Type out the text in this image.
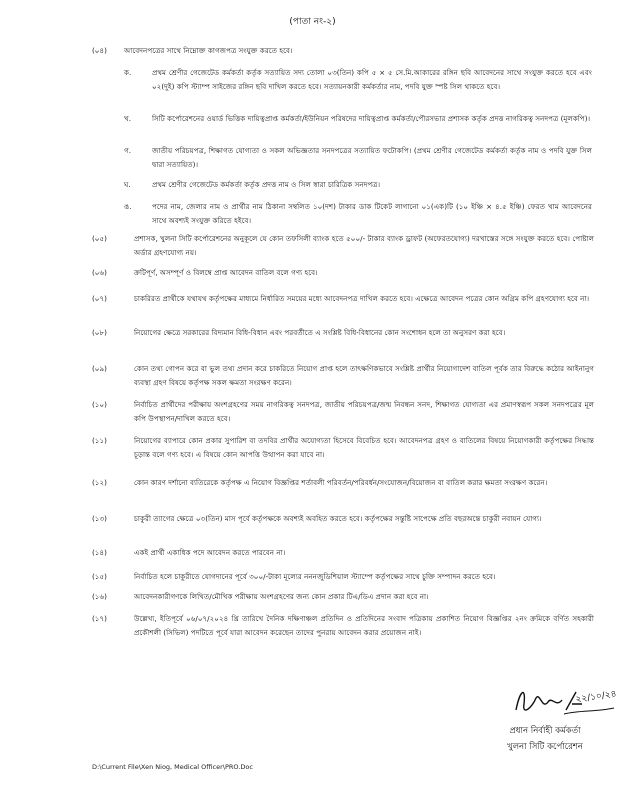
(পাতা নং-২)
(০৪)	আবেদনপত্রের সাথে নিম্নোক্ত কাগজপত্র সংযুক্ত করতে হবে।
ক.	প্রথম শ্রেণীর গেজেটেড কর্মকর্তা কর্তৃক সত্যায়িত সদ্য তোলা ০৩(তিন) কপি ৫ × ৫ সে.মি.আকারের রঙ্গিন ছবি আবেদনের সাথে সংযুক্ত করতে হবে এবং ০২(দুই) কপি স্ট্যাম্প সাইজের রঙ্গিন ছবি দাখিল করতে হবে। সত্যায়নকারী কর্মকর্তার নাম, পদবি যুক্ত স্পষ্ট সিল থাকতে হবে।
খ.	সিটি কর্পোরেশনের ওয়ার্ড ভিত্তিক দায়িত্বপ্রাপ্ত কর্মকর্তা/ইউনিয়ন পরিষদের দায়িত্বপ্রাপ্ত কর্মকর্তা/পৌরসভার প্রশাসক কর্তৃক প্রদত্ত নাগরিকত্ব সনদপত্র (মূলকপি)।
গ.	জাতীয় পরিচয়পত্র, শিক্ষাগত যোগ্যতা ও সকল অভিজ্ঞতার সনদপত্রের সত্যায়িত ফটোকপি। (প্রথম শ্রেণীর গেজেটেড কর্মকর্তা কর্তৃক নাম ও পদবি যুক্ত সিল দ্বারা সত্যায়িত)।
ঘ.	প্রথম শ্রেণীর গেজেটেড কর্মকর্তা কর্তৃক প্রদত্ত নাম ও সিল স্বারা চারিত্রিক সনদপত্র।
ঙ.	পদের নাম, জেলার নাম ও প্রার্থীর নাম ঠিকানা সম্বলিত ১০(দশ) টাকার ডাক টিকেট লাগানো ০১(এক)টি (১০ ইঞ্চি × ৪.৫ ইঞ্চি) ফেরত খাম আবেদনের সাথে অবশ্যই সংযুক্ত করিতে হইবে।
(০৫)	প্রশাসক, খুলনা সিটি কর্পোরেশনের অনুকূলে যে কোন তফসিলী ব্যাংক হতে ৫০০/- টাকার ব্যাংক ড্রাফট (অফেরতযোগ্য) দরখাস্তের সঙ্গে সংযুক্ত করতে হবে। পোষ্টাল অর্ডার গ্রহণযোগ্য নয়।
(০৬)	ক্রটিপূর্ণ, অসম্পূর্ণ ও বিলম্বে প্রাপ্ত আবেদন বাতিল বলে গণ্য হবে।
(০৭)	চাকরিরত প্রার্থীকে যথাযথ কর্তৃপক্ষের মাধ্যমে নির্ধারিত সময়ের মধ্যে আবেদনপত্র দাখিল করতে হবে। এক্ষেত্রে আবেদন পত্রের কোন অগ্রিম কপি গ্রহণযোগ্য হবে না।
(০৮)	নিয়োগের ক্ষেত্রে সরকারের বিদ্যমান বিধি-বিধান এবং পরবর্তীতে এ সংশ্লিষ্ট বিধি-বিধানের কোন সংশোধন হলে তা অনুসরণ করা হবে।
(০৯)	কোন তথ্য গোপন করে বা ভুল তথ্য প্রদান করে চাকরিতে নিয়োগ প্রাপ্ত হলে তাৎক্ষণিকভাবে সংশ্লিষ্ট প্রার্থীর নিয়োগাদেশ বাতিল পূর্বক তার বিরুদ্ধে কঠোর আইনানুগ ব্যবস্থা গ্রহণ বিষয়ে কর্তৃপক্ষ সকল ক্ষমতা সংরক্ষণ করেন।
(১০)	নির্বাচিত প্রার্থীদের পরীক্ষায় অংশগ্রহণের সময় নাগরিকত্ব সনদপত্র, জাতীয় পরিচয়পত্র/জন্ম নিবন্ধন সনদ, শিক্ষাগত যোগ্যতা এর প্রমাণস্বরূপ সকল সনদপত্রের মূল কপি উপস্থাপন/দাখিল করতে হবে।
(১১)	নিয়োগের ব্যাপারে কোন প্রকার সুপারিশ বা তদবির প্রার্থীর অযোগ্যতা হিসেবে বিবেচিত হবে। আবেদনপত্র গ্রহণ ও বাতিলের বিষয়ে নিয়োগকারী কর্তৃপক্ষের সিদ্ধান্ত চূড়ান্ত বলে গণ্য হবে। এ বিষয়ে কোন আপত্তি উত্থাপন করা যাবে না।
(১২)	কোন কারণ দর্শানো ব্যতিরেকে কর্তৃপক্ষ এ নিয়োগ বিজ্ঞপ্তির শর্তাবলী পরিবর্তন/পরিবর্ধন/সংযোজন/বিয়োজন বা বাতিল করার ক্ষমতা সংরক্ষণ করেন।
(১৩)	চাকুরী ত্যাগের ক্ষেত্রে ০৩(তিন) মাস পূর্বে কর্তৃপক্ষকে অবশ্যই অবহিত করতে হবে। কর্তৃপক্ষের সন্তুষ্টি সাপেক্ষে প্রতি বছরঅন্তে চাকুরী নবায়ন যোগ্য।
(১৪)	একই প্রার্থী একাধিক পদে আবেদন করতে পারবেন না।
(১৫)	নির্বাচিত হলে চাকুরীতে যোগদানের পূর্বে ৩০০/-টাকা মূল্যের নননজুডিশিয়াল স্ট্যাম্পে কর্তৃপক্ষের সাথে চুক্তি সম্পাদন করতে হবে।
(১৬)	আবেদনকারীগণকে লিখিত/মৌখিক পরীক্ষায় অংশগ্রহণের জন্য কোন প্রকার টিএ/ডিএ প্রদান করা হবে না।
(১৭)	উল্লেখ্য, ইতিপূর্বে ০৬/০৭/২০২৪ খ্রি তারিখে দৈনিক দক্ষিণাঞ্চল প্রতিদিন ও প্রতিদিনের সংবাদ পত্রিকায় প্রকাশিত নিয়োগ বিজ্ঞপ্তির ২নং ক্রমিকে বর্ণিত সহকারী প্রকৌশলী (সিভিল) পদটিতে পূর্বে যারা আবেদন করেছেন তাদের পুনরায় আবেদন করার প্রয়োজন নাই।
২২/১০/২৪
প্রধান নির্বাহী কর্মকর্তা
খুলনা সিটি কর্পোরেশন
D:\Current File\Xen Niog, Medical Officer\PRO.Doc
